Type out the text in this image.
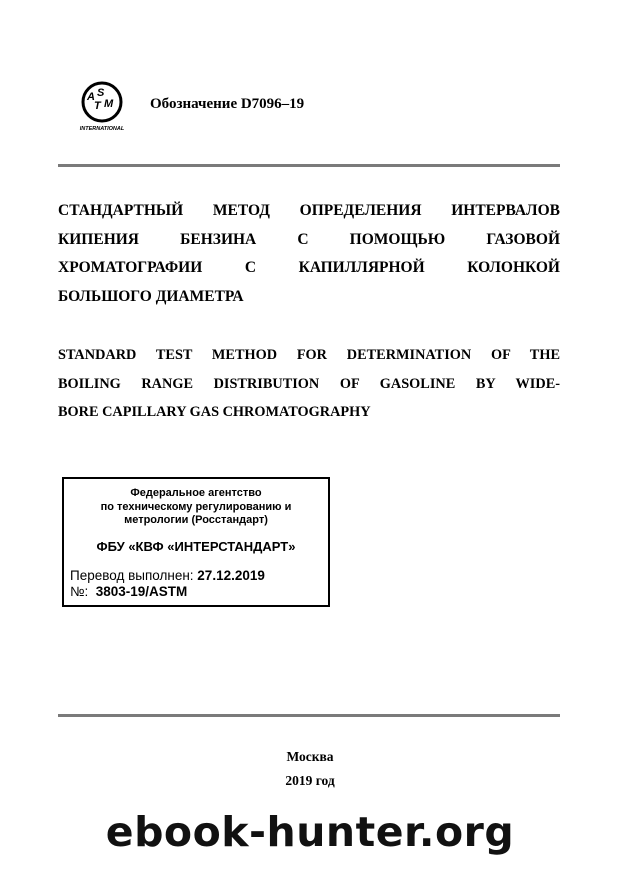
A S
T M
INTERNATIONAL
Обозначение D7096–19
СТАНДАРТНЫЙ МЕТОД ОПРЕДЕЛЕНИЯ ИНТЕРВАЛОВ
КИПЕНИЯ БЕНЗИНА С ПОМОЩЬЮ ГАЗОВОЙ
ХРОМАТОГРАФИИ С КАПИЛЛЯРНОЙ КОЛОНКОЙ
БОЛЬШОГО ДИАМЕТРА
STANDARD TEST METHOD FOR DETERMINATION OF THE
BOILING RANGE DISTRIBUTION OF GASOLINE BY WIDE-
BORE CAPILLARY GAS CHROMATOGRAPHY
Федеральное агентство
по техническому регулированию и
метрологии (Росстандарт)
ФБУ «КВФ «ИНТЕРСТАНДАРТ»
Перевод выполнен: 27.12.2019
№: 3803-19/ASTM
Москва
2019 год
ebook-hunter.org
